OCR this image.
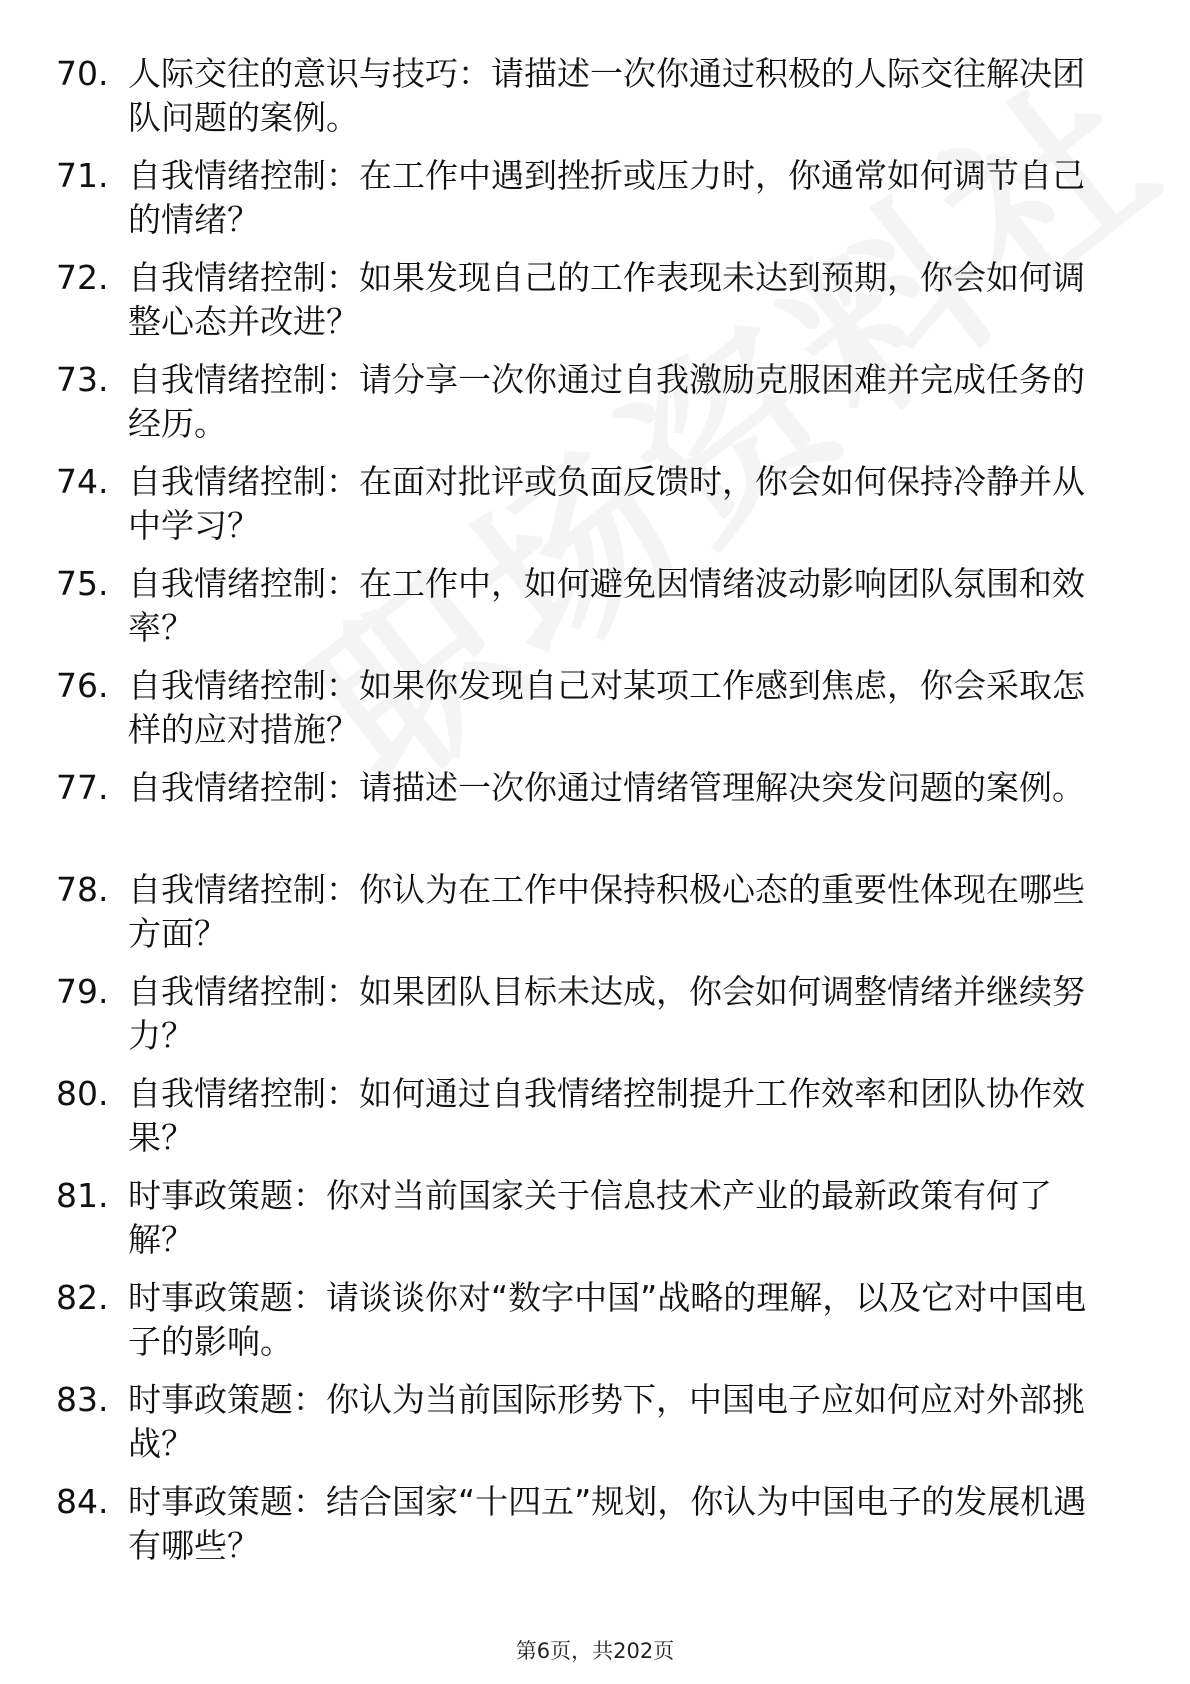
70. 人际交往的意识与技巧：请描述一次你通过积极的人际交往解决团队问题的案例。
71. 自我情绪控制：在工作中遇到挫折或压力时，你通常如何调节自己的情绪？
72. 自我情绪控制：如果发现自己的工作表现未达到预期，你会如何调整心态并改进？
73. 自我情绪控制：请分享一次你通过自我激励克服困难并完成任务的经历。
74. 自我情绪控制：在面对批评或负面反馈时，你会如何保持冷静并从中学习？
75. 自我情绪控制：在工作中，如何避免因情绪波动影响团队氛围和效率？
76. 自我情绪控制：如果你发现自己对某项工作感到焦虑，你会采取怎样的应对措施？
77. 自我情绪控制：请描述一次你通过情绪管理解决突发问题的案例。
78. 自我情绪控制：你认为在工作中保持积极心态的重要性体现在哪些方面？
79. 自我情绪控制：如果团队目标未达成，你会如何调整情绪并继续努力？
80. 自我情绪控制：如何通过自我情绪控制提升工作效率和团队协作效果？
81. 时事政策题：你对当前国家关于信息技术产业的最新政策有何了解？
82. 时事政策题：请谈谈你对“数字中国”战略的理解，以及它对中国电子的影响。
83. 时事政策题：你认为当前国际形势下，中国电子应如何应对外部挑战？
84. 时事政策题：结合国家“十四五”规划，你认为中国电子的发展机遇有哪些？
第6页，共202页
